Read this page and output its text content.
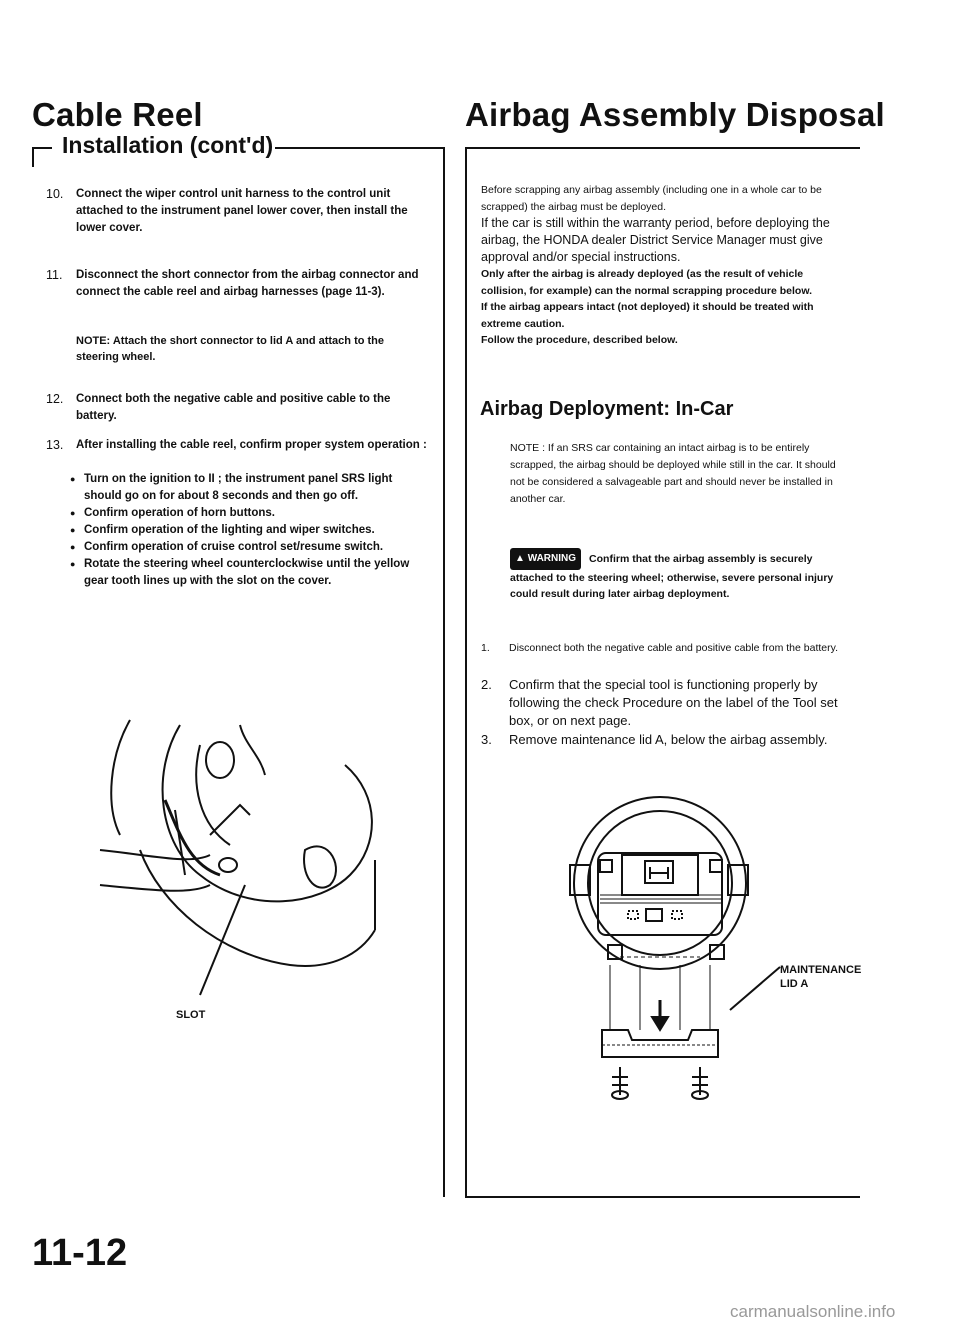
Cable Reel
Installation (cont'd)
10. Connect the wiper control unit harness to the control unit attached to the instrument panel lower cover, then install the lower cover.
11. Disconnect the short connector from the airbag connector and connect the cable reel and airbag harnesses (page 11-3).
NOTE: Attach the short connector to lid A and attach to the steering wheel.
12. Connect both the negative cable and positive cable to the battery.
13. After installing the cable reel, confirm proper system operation :
● Turn on the ignition to II ; the instrument panel SRS light should go on for about 8 seconds and then go off.
● Confirm operation of horn buttons.
● Confirm operation of the lighting and wiper switches.
● Confirm operation of cruise control set/resume switch.
● Rotate the steering wheel counterclockwise until the yellow gear tooth lines up with the slot on the cover.
SLOT
11-12
Airbag Assembly Disposal
Before scrapping any airbag assembly (including one in a whole car to be scrapped) the airbag must be deployed.
If the car is still within the warranty period, before deploying the airbag, the HONDA dealer District Service Manager must give approval and/or special instructions.
Only after the airbag is already deployed (as the result of vehicle collision, for example) can the normal scrapping procedure below.
If the airbag appears intact (not deployed) it should be treated with extreme caution.
Follow the procedure, described below.
Airbag Deployment: In-Car
NOTE : If an SRS car containing an intact airbag is to be entirely scrapped, the airbag should be deployed while still in the car. It should not be considered a salvageable part and should never be installed in another car.
▲ WARNING Confirm that the airbag assembly is securely attached to the steering wheel; otherwise, severe personal injury could result during later airbag deployment.
1. Disconnect both the negative cable and positive cable from the battery.
2. Confirm that the special tool is functioning properly by following the check Procedure on the label of the Tool set box, or on next page.
3. Remove maintenance lid A, below the airbag assembly.
MAINTENANCE LID A
carmanualsonline.info
